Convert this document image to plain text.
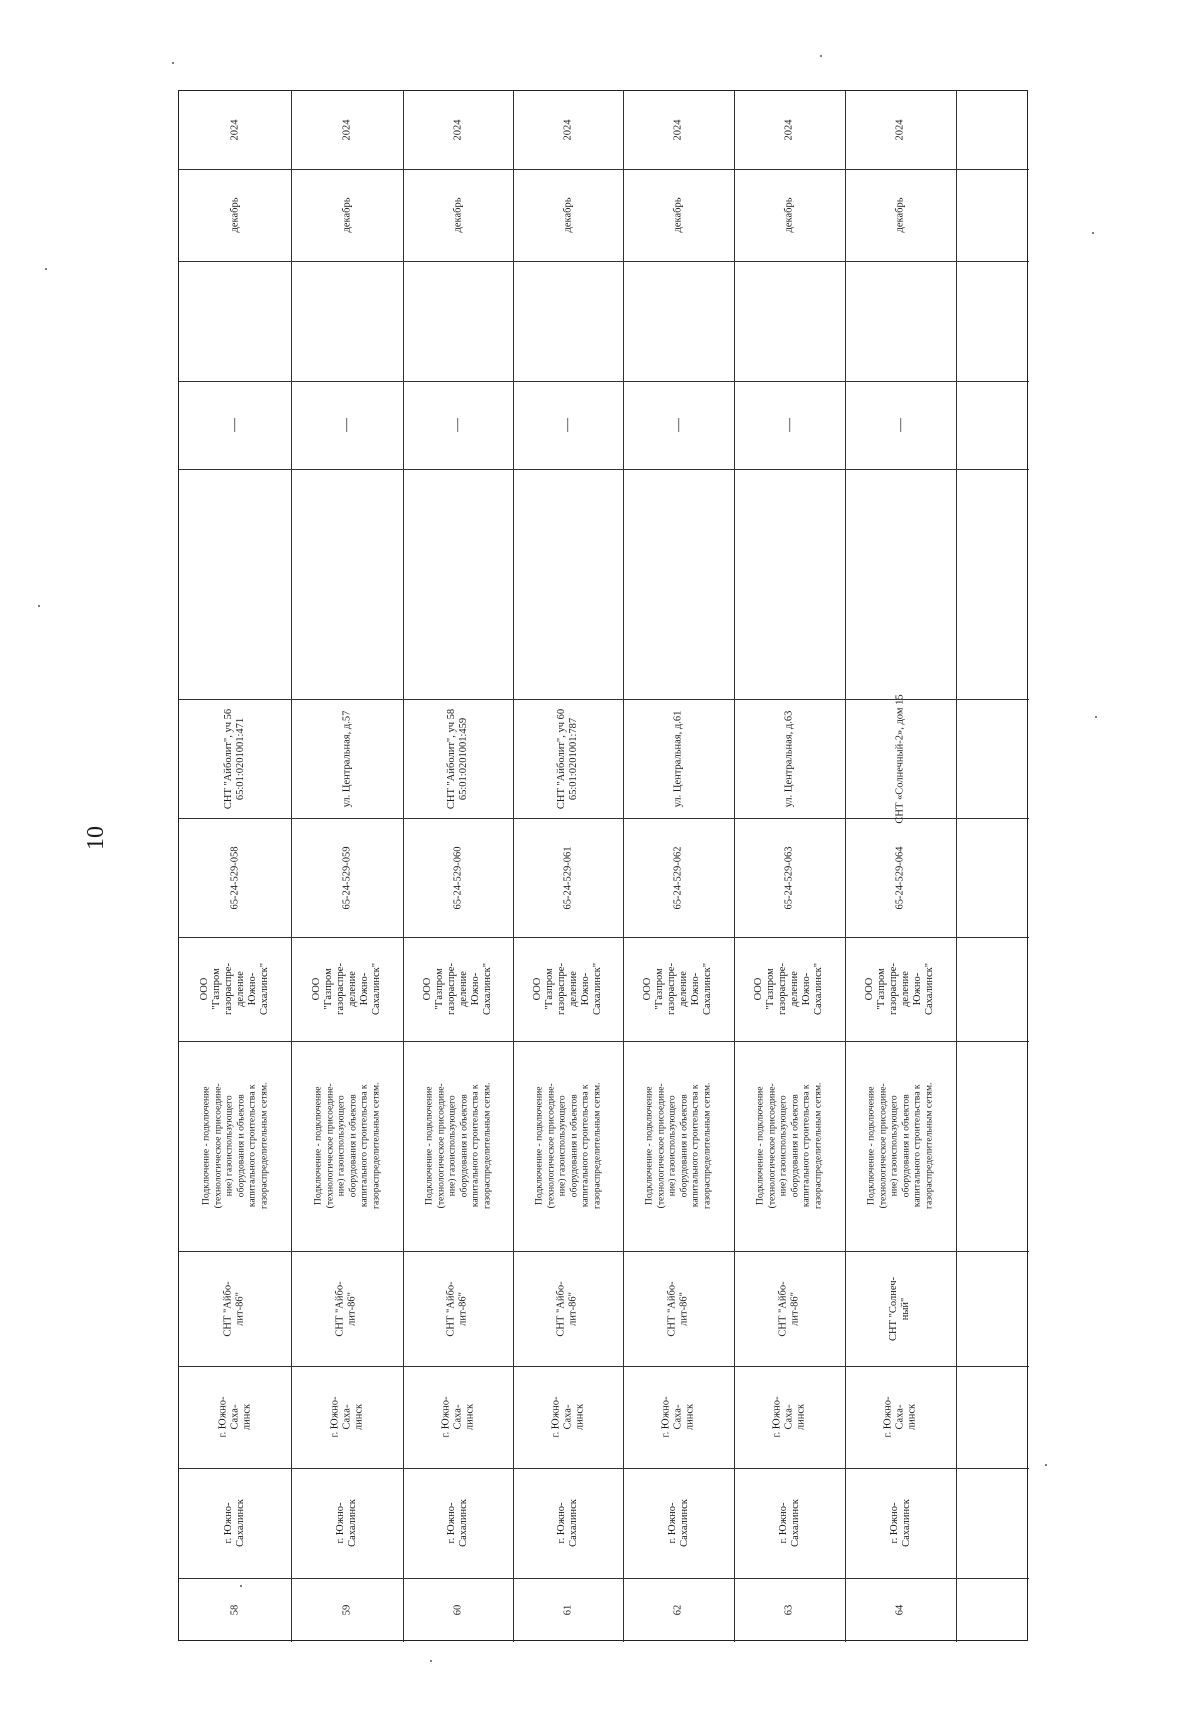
10
58
г. Южно-
Сахалинск
г. Южно-
Саха-
линск
СНТ "Айбо-
лит-86"
Подключение - подключение
(технологическое присоедине-
ние) газоиспользующего
оборудования и объектов
капитального строительства к
газораспределительным сетям.
ООО
"Газпром
газораспре-
деление
Южно-
Сахалинск"
65-24-529-058
СНТ "Айболит", уч 56
65:01:0201001:471
—
декабрь
2024
59
г. Южно-
Сахалинск
г. Южно-
Саха-
линск
СНТ "Айбо-
лит-86"
Подключение - подключение
(технологическое присоедине-
ние) газоиспользующего
оборудования и объектов
капитального строительства к
газораспределительным сетям.
ООО
"Газпром
газораспре-
деление
Южно-
Сахалинск"
65-24-529-059
ул. Центральная, д.57
—
декабрь
2024
60
г. Южно-
Сахалинск
г. Южно-
Саха-
линск
СНТ "Айбо-
лит-86"
Подключение - подключение
(технологическое присоедине-
ние) газоиспользующего
оборудования и объектов
капитального строительства к
газораспределительным сетям.
ООО
"Газпром
газораспре-
деление
Южно-
Сахалинск"
65-24-529-060
СНТ "Айболит", уч 58
65:01:0201001:459
—
декабрь
2024
61
г. Южно-
Сахалинск
г. Южно-
Саха-
линск
СНТ "Айбо-
лит-86"
Подключение - подключение
(технологическое присоедине-
ние) газоиспользующего
оборудования и объектов
капитального строительства к
газораспределительным сетям.
ООО
"Газпром
газораспре-
деление
Южно-
Сахалинск"
65-24-529-061
СНТ "Айболит", уч 60
65:01:0201001:787
—
декабрь
2024
62
г. Южно-
Сахалинск
г. Южно-
Саха-
линск
СНТ "Айбо-
лит-86"
Подключение - подключение
(технологическое присоедине-
ние) газоиспользующего
оборудования и объектов
капитального строительства к
газораспределительным сетям.
ООО
"Газпром
газораспре-
деление
Южно-
Сахалинск"
65-24-529-062
ул. Центральная, д.61
—
декабрь
2024
63
г. Южно-
Сахалинск
г. Южно-
Саха-
линск
СНТ "Айбо-
лит-86"
Подключение - подключение
(технологическое присоедине-
ние) газоиспользующего
оборудования и объектов
капитального строительства к
газораспределительным сетям.
ООО
"Газпром
газораспре-
деление
Южно-
Сахалинск"
65-24-529-063
ул. Центральная, д.63
—
декабрь
2024
64
г. Южно-
Сахалинск
г. Южно-
Саха-
линск
СНТ "Солнеч-
ный"
Подключение - подключение
(технологическое присоедине-
ние) газоиспользующего
оборудования и объектов
капитального строительства к
газораспределительным сетям.
ООО
"Газпром
газораспре-
деление
Южно-
Сахалинск"
65-24-529-064
СНТ «Солнечный-2», дом 15
—
декабрь
2024
